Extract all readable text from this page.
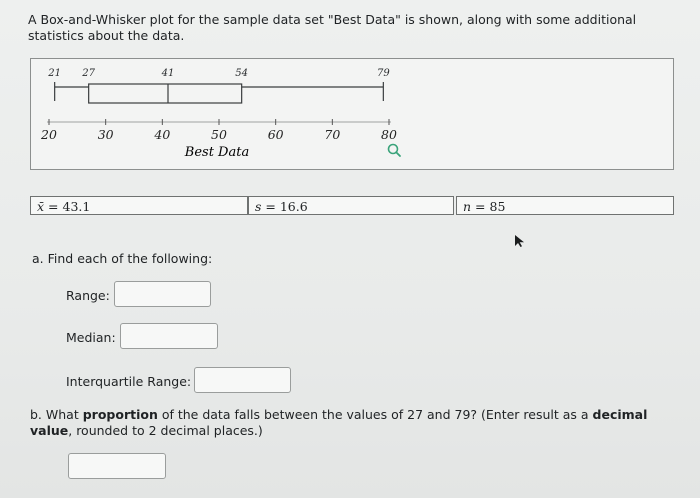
A Box-and-Whisker plot for the sample data set "Best Data" is shown, along with some additional statistics about the data.
21 27	41	54	79
20	30	40	50	60	70	80
Best Data
x̄ = 43.1	s = 16.6	n = 85
a. Find each of the following:
Range:
Median:
Interquartile Range:
b. What proportion of the data falls between the values of 27 and 79? (Enter result as a decimal value, rounded to 2 decimal places.)
